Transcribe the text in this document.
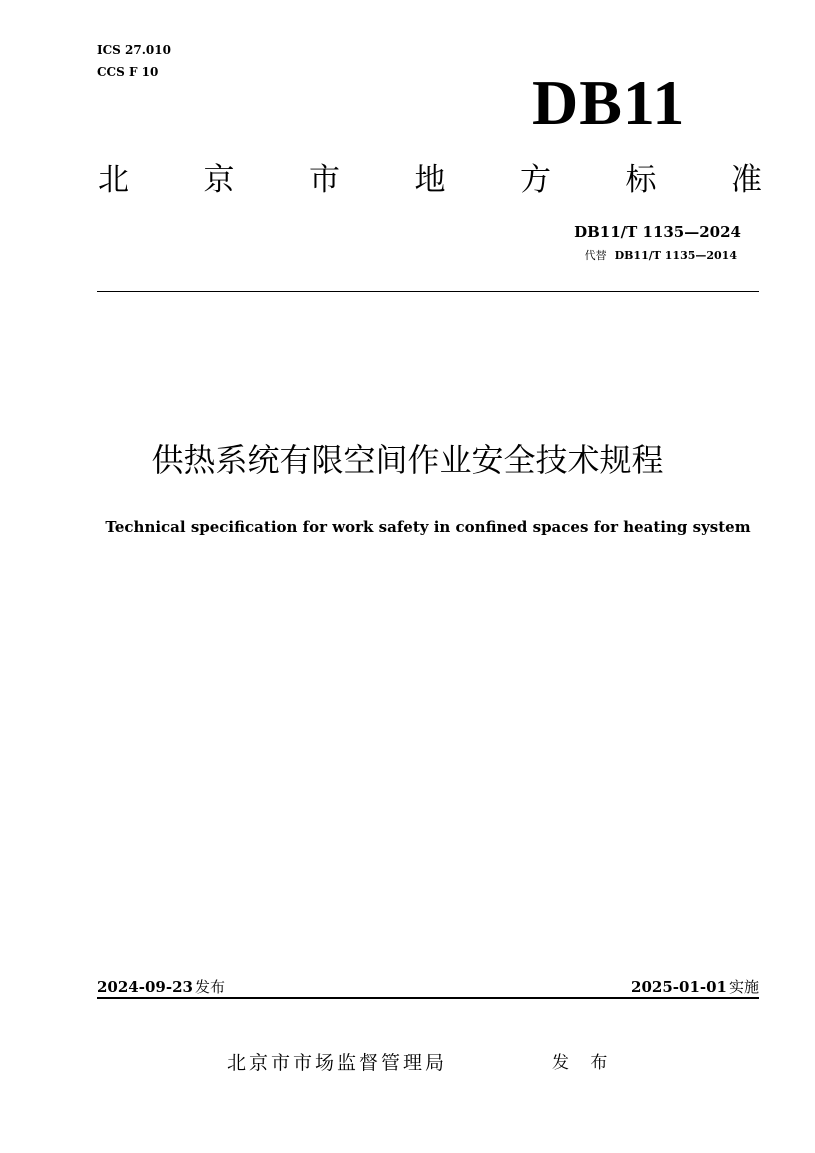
ICS 27.010
CCS F 10	DB11
北 京 市 地 方 标 准
DB11/T 1135—2024
代替 DB11/T 1135—2014
供热系统有限空间作业安全技术规程
Technical specification for work safety in confined spaces for heating system
2024-09-23 发布	2025-01-01 实施
北京市市场监督管理局	发 布
